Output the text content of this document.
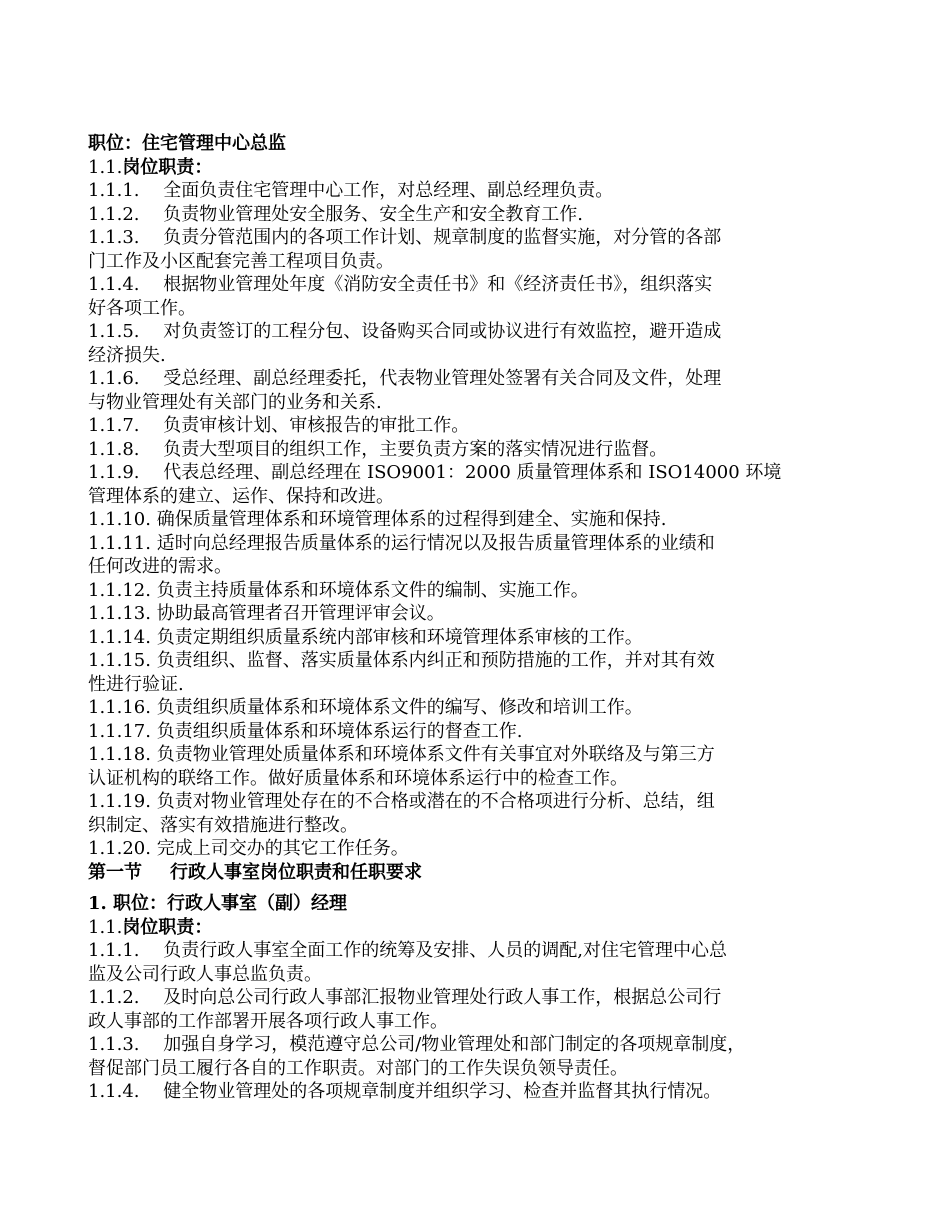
职位：住宅管理中心总监
1.1.岗位职责：
1.1.1.　 全面负责住宅管理中心工作，对总经理、副总经理负责。
1.1.2.　 负责物业管理处安全服务、安全生产和安全教育工作.
1.1.3.　 负责分管范围内的各项工作计划、规章制度的监督实施，对分管的各部
门工作及小区配套完善工程项目负责。
1.1.4.　 根据物业管理处年度《消防安全责任书》和《经济责任书》，组织落实
好各项工作。
1.1.5.　 对负责签订的工程分包、设备购买合同或协议进行有效监控，避开造成
经济损失.
1.1.6.　 受总经理、副总经理委托，代表物业管理处签署有关合同及文件，处理
与物业管理处有关部门的业务和关系.
1.1.7.　 负责审核计划、审核报告的审批工作。
1.1.8.　 负责大型项目的组织工作，主要负责方案的落实情况进行监督。
1.1.9.　 代表总经理、副总经理在 ISO9001：2000 质量管理体系和 ISO14000 环境
管理体系的建立、运作、保持和改进。
1.1.10. 确保质量管理体系和环境管理体系的过程得到建全、实施和保持.
1.1.11. 适时向总经理报告质量体系的运行情况以及报告质量管理体系的业绩和
任何改进的需求。
1.1.12. 负责主持质量体系和环境体系文件的编制、实施工作。
1.1.13. 协助最高管理者召开管理评审会议。
1.1.14. 负责定期组织质量系统内部审核和环境管理体系审核的工作。
1.1.15. 负责组织、监督、落实质量体系内纠正和预防措施的工作，并对其有效
性进行验证.
1.1.16. 负责组织质量体系和环境体系文件的编写、修改和培训工作。
1.1.17. 负责组织质量体系和环境体系运行的督查工作.
1.1.18. 负责物业管理处质量体系和环境体系文件有关事宜对外联络及与第三方
认证机构的联络工作。做好质量体系和环境体系运行中的检查工作。
1.1.19. 负责对物业管理处存在的不合格或潜在的不合格项进行分析、总结，组
织制定、落实有效措施进行整改。
1.1.20. 完成上司交办的其它工作任务。
第一节 行政人事室岗位职责和任职要求
1. 职位：行政人事室（副）经理
1.1.岗位职责：
1.1.1.　 负责行政人事室全面工作的统筹及安排、人员的调配,对住宅管理中心总
监及公司行政人事总监负责。
1.1.2.　 及时向总公司行政人事部汇报物业管理处行政人事工作，根据总公司行
政人事部的工作部署开展各项行政人事工作。
1.1.3.　 加强自身学习，模范遵守总公司/物业管理处和部门制定的各项规章制度，
督促部门员工履行各自的工作职责。对部门的工作失误负领导责任。
1.1.4.　 健全物业管理处的各项规章制度并组织学习、检查并监督其执行情况。
